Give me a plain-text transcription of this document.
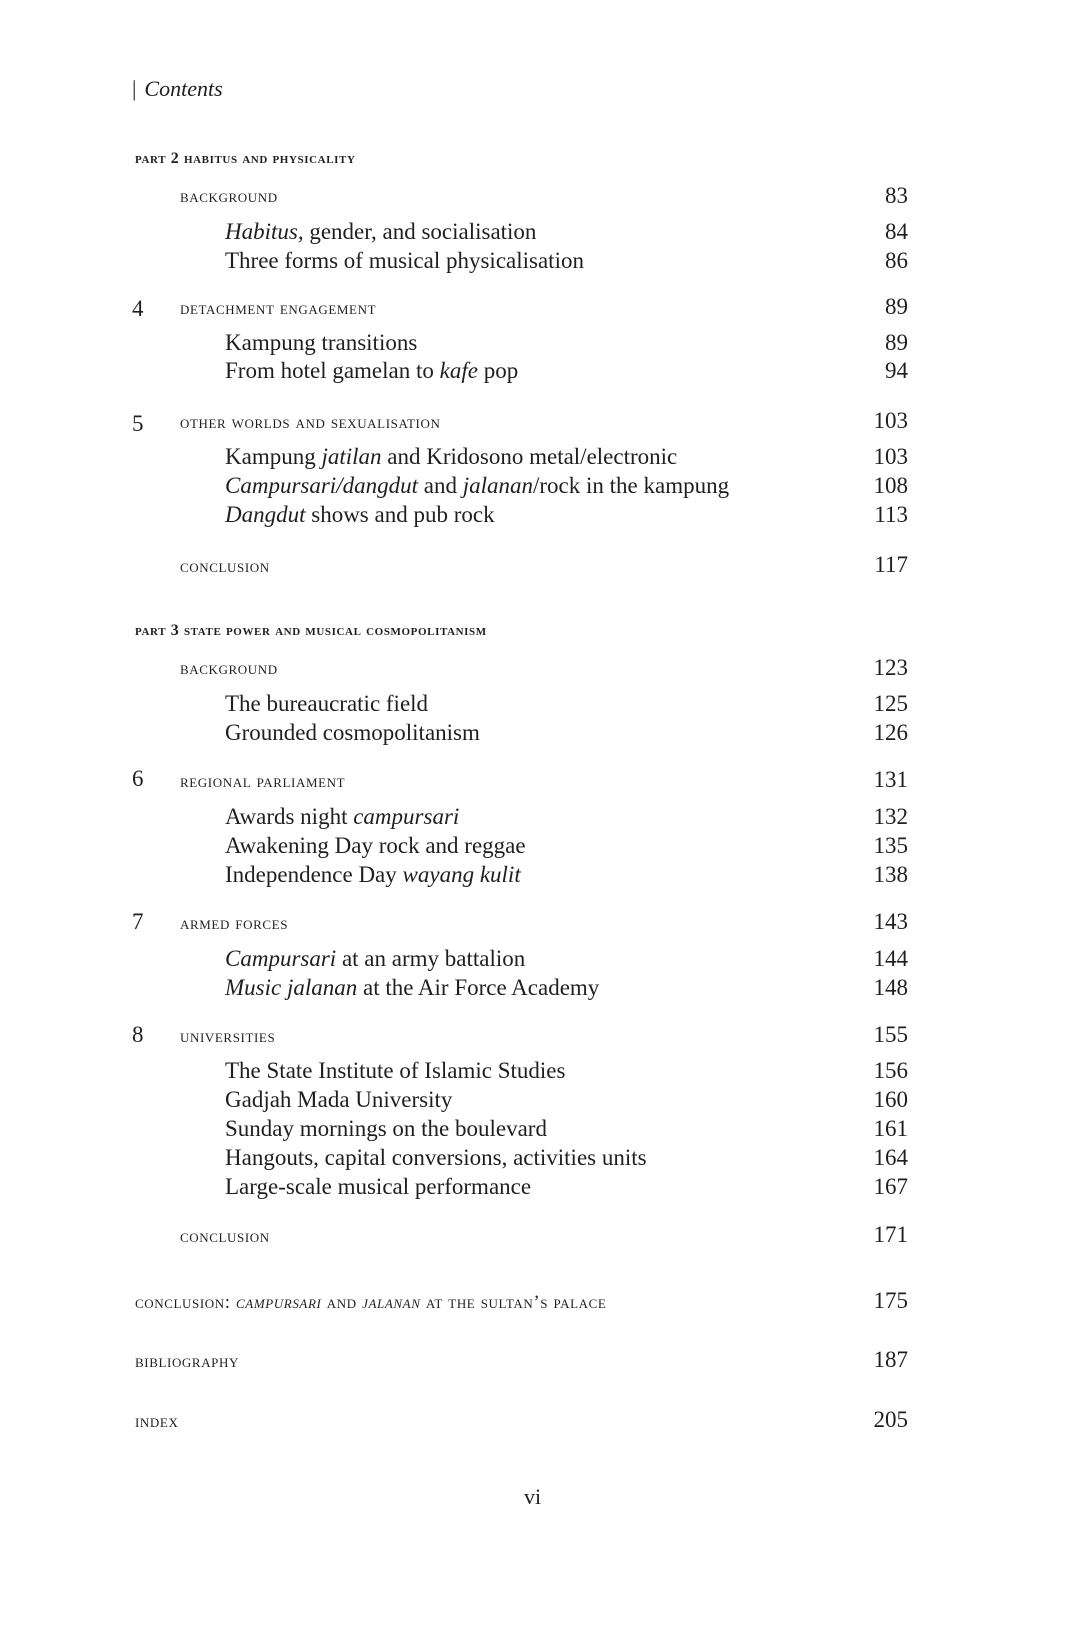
| Contents
part 2 habitus and physicality
background	83
Habitus, gender, and socialisation	84
Three forms of musical physicalisation	86
4 detachment engagement	89
Kampung transitions	89
From hotel gamelan to kafe pop	94
5 other worlds and sexualisation	103
Kampung jatilan and Kridosono metal/electronic	103
Campursari/dangdut and jalanan/rock in the kampung	108
Dangdut shows and pub rock	113
conclusion	117
part 3 state power and musical cosmopolitanism
background	123
The bureaucratic field	125
Grounded cosmopolitanism	126
6 regional parliament	131
Awards night campursari	132
Awakening Day rock and reggae	135
Independence Day wayang kulit	138
7 armed forces	143
Campursari at an army battalion	144
Music jalanan at the Air Force Academy	148
8 universities	155
The State Institute of Islamic Studies	156
Gadjah Mada University	160
Sunday mornings on the boulevard	161
Hangouts, capital conversions, activities units	164
Large-scale musical performance	167
conclusion	171
conclusion: campursari and jalanan at the sultan’s palace	175
bibliography	187
index	205
vi
